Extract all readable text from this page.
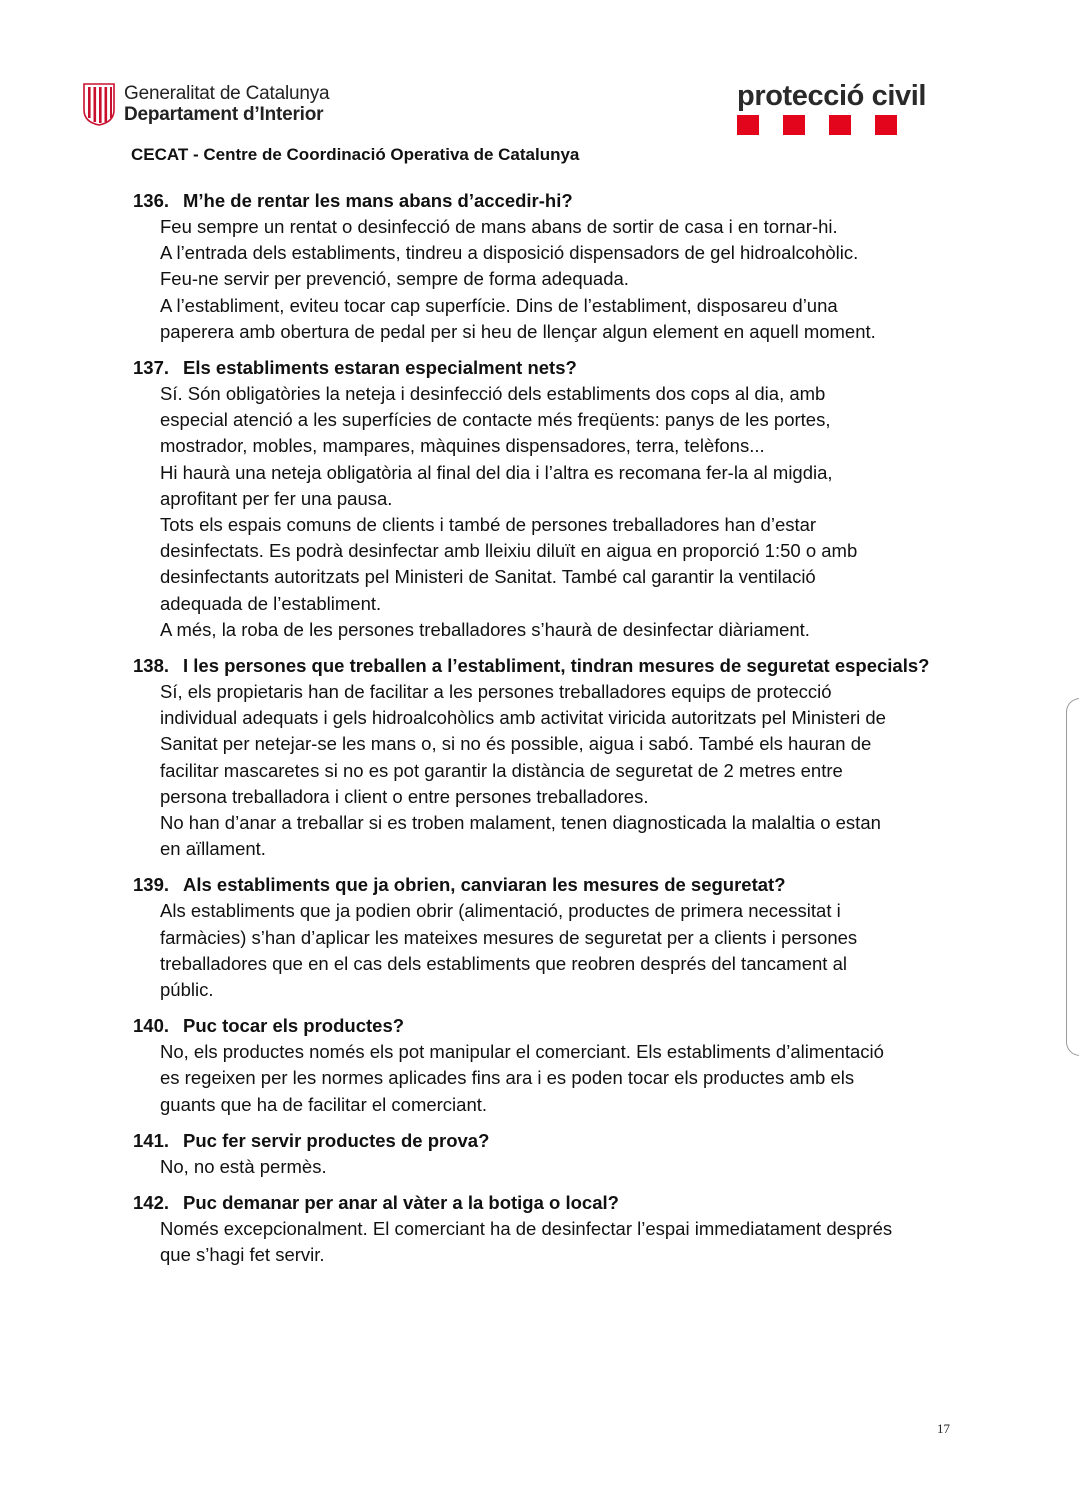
Generalitat de Catalunya
Departament d’Interior
protecció civil
CECAT - Centre de Coordinació Operativa de Catalunya
136. M’he de rentar les mans abans d’accedir-hi?
Feu sempre un rentat o desinfecció de mans abans de sortir de casa i en tornar-hi.
A l’entrada dels establiments, tindreu a disposició dispensadors de gel hidroalcohòlic.
Feu-ne servir per prevenció, sempre de forma adequada.
A l’establiment, eviteu tocar cap superfície. Dins de l’establiment, disposareu d’una
paperera amb obertura de pedal per si heu de llençar algun element en aquell moment.
137. Els establiments estaran especialment nets?
Sí. Són obligatòries la neteja i desinfecció dels establiments dos cops al dia, amb
especial atenció a les superfícies de contacte més freqüents: panys de les portes,
mostrador, mobles, mampares, màquines dispensadores, terra, telèfons...
Hi haurà una neteja obligatòria al final del dia i l’altra es recomana fer-la al migdia,
aprofitant per fer una pausa.
Tots els espais comuns de clients i també de persones treballadores han d’estar
desinfectats. Es podrà desinfectar amb lleixiu diluït en aigua en proporció 1:50 o amb
desinfectants autoritzats pel Ministeri de Sanitat. També cal garantir la ventilació
adequada de l’establiment.
A més, la roba de les persones treballadores s’haurà de desinfectar diàriament.
138. I les persones que treballen a l’establiment, tindran mesures de seguretat especials?
Sí, els propietaris han de facilitar a les persones treballadores equips de protecció
individual adequats i gels hidroalcohòlics amb activitat viricida autoritzats pel Ministeri de
Sanitat per netejar-se les mans o, si no és possible, aigua i sabó. També els hauran de
facilitar mascaretes si no es pot garantir la distància de seguretat de 2 metres entre
persona treballadora i client o entre persones treballadores.
No han d’anar a treballar si es troben malament, tenen diagnosticada la malaltia o estan
en aïllament.
139. Als establiments que ja obrien, canviaran les mesures de seguretat?
Als establiments que ja podien obrir (alimentació, productes de primera necessitat i
farmàcies) s’han d’aplicar les mateixes mesures de seguretat per a clients i persones
treballadores que en el cas dels establiments que reobren després del tancament al
públic.
140. Puc tocar els productes?
No, els productes només els pot manipular el comerciant. Els establiments d’alimentació
es regeixen per les normes aplicades fins ara i es poden tocar els productes amb els
guants que ha de facilitar el comerciant.
141. Puc fer servir productes de prova?
No, no està permès.
142. Puc demanar per anar al vàter a la botiga o local?
Només excepcionalment. El comerciant ha de desinfectar l’espai immediatament després
que s’hagi fet servir.
17
